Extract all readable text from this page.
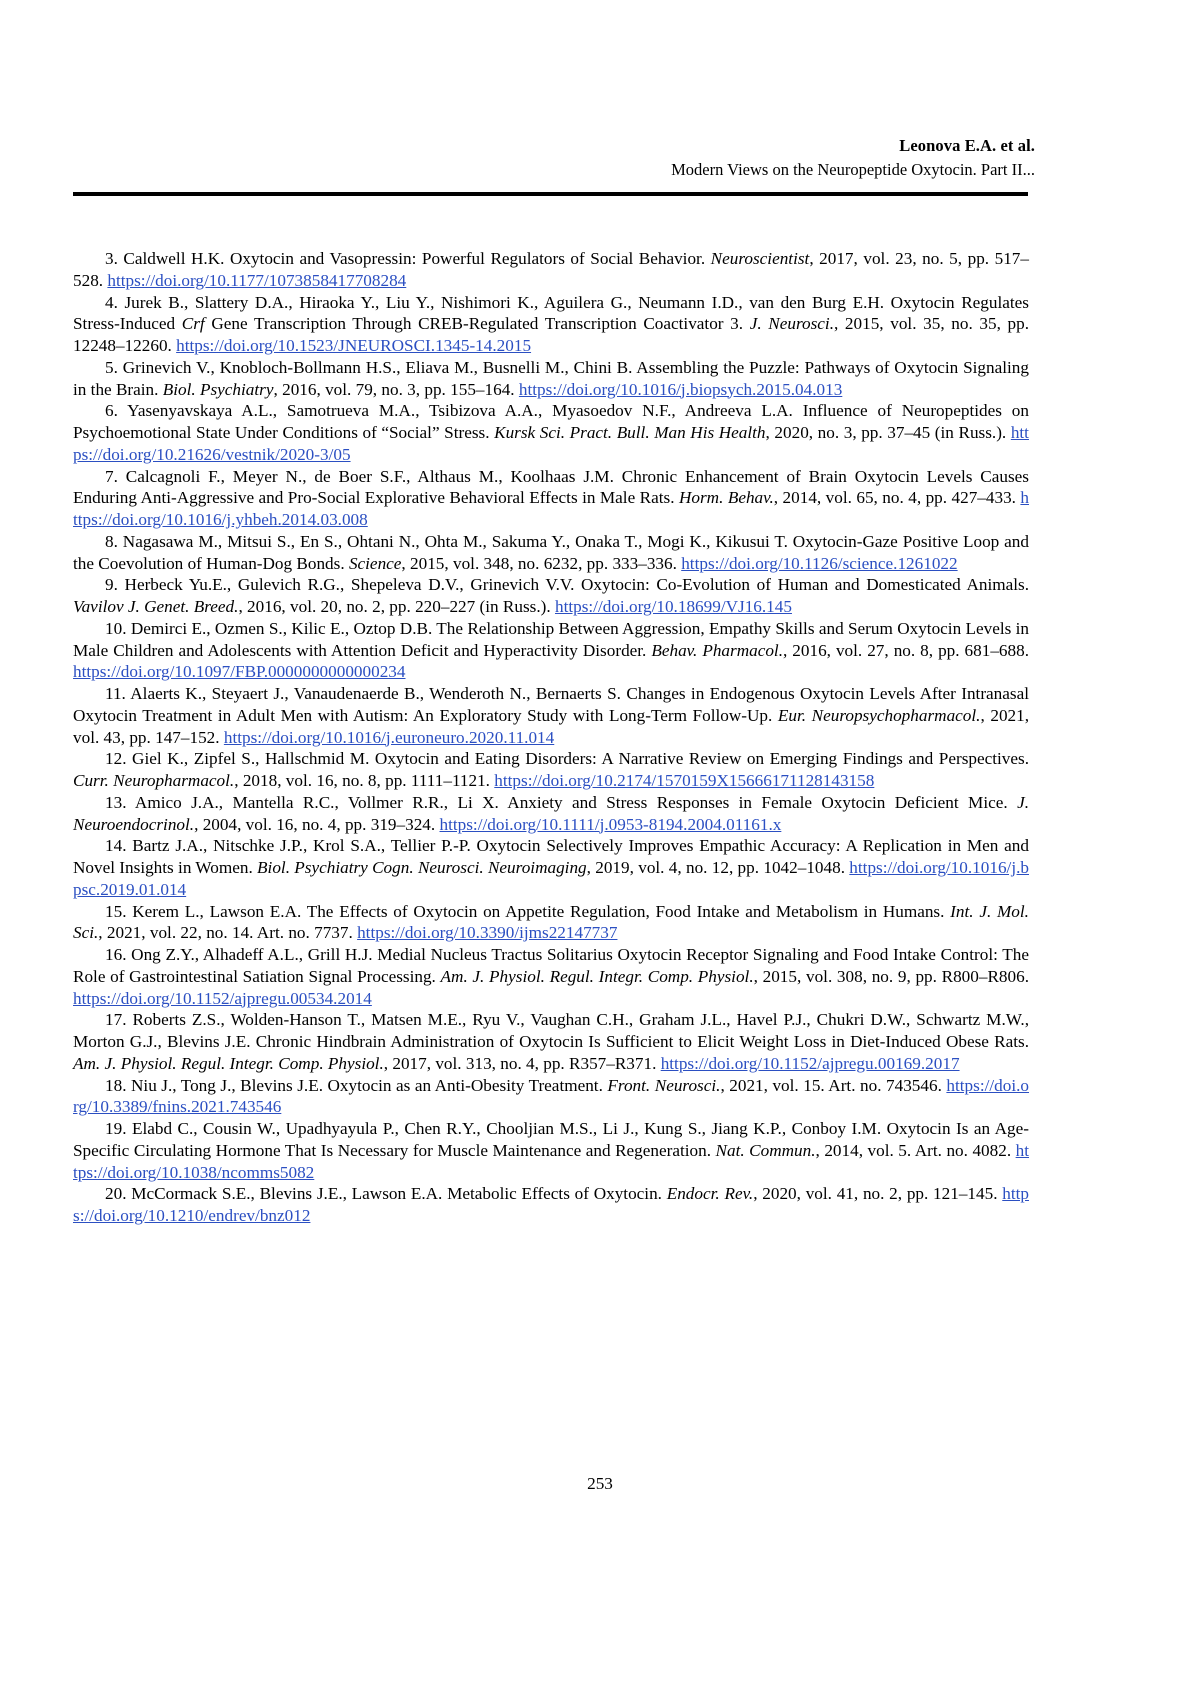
Leonova E.A. et al.
Modern Views on the Neuropeptide Oxytocin. Part II...

3. Caldwell H.K. Oxytocin and Vasopressin: Powerful Regulators of Social Behavior. Neuroscientist, 2017, vol. 23, no. 5, pp. 517–528. https://doi.org/10.1177/1073858417708284

4. Jurek B., Slattery D.A., Hiraoka Y., Liu Y., Nishimori K., Aguilera G., Neumann I.D., van den Burg E.H. Oxytocin Regulates Stress-Induced Crf Gene Transcription Through CREB-Regulated Transcription Coactivator 3. J. Neurosci., 2015, vol. 35, no. 35, pp. 12248–12260. https://doi.org/10.1523/JNEUROSCI.1345-14.2015

5. Grinevich V., Knobloch-Bollmann H.S., Eliava M., Busnelli M., Chini B. Assembling the Puzzle: Pathways of Oxytocin Signaling in the Brain. Biol. Psychiatry, 2016, vol. 79, no. 3, pp. 155–164. https://doi.org/10.1016/j.biopsych.2015.04.013

6. Yasenyavskaya A.L., Samotrueva M.A., Tsibizova A.A., Myasoedov N.F., Andreeva L.A. Influence of Neuropeptides on Psychoemotional State Under Conditions of “Social” Stress. Kursk Sci. Pract. Bull. Man His Health, 2020, no. 3, pp. 37–45 (in Russ.). https://doi.org/10.21626/vestnik/2020-3/05

7. Calcagnoli F., Meyer N., de Boer S.F., Althaus M., Koolhaas J.M. Chronic Enhancement of Brain Oxytocin Levels Causes Enduring Anti-Aggressive and Pro-Social Explorative Behavioral Effects in Male Rats. Horm. Behav., 2014, vol. 65, no. 4, pp. 427–433. https://doi.org/10.1016/j.yhbeh.2014.03.008

8. Nagasawa M., Mitsui S., En S., Ohtani N., Ohta M., Sakuma Y., Onaka T., Mogi K., Kikusui T. Oxytocin-Gaze Positive Loop and the Coevolution of Human-Dog Bonds. Science, 2015, vol. 348, no. 6232, pp. 333–336. https://doi.org/10.1126/science.1261022

9. Herbeck Yu.E., Gulevich R.G., Shepeleva D.V., Grinevich V.V. Oxytocin: Co-Evolution of Human and Domesticated Animals. Vavilov J. Genet. Breed., 2016, vol. 20, no. 2, pp. 220–227 (in Russ.). https://doi.org/10.18699/VJ16.145

10. Demirci E., Ozmen S., Kilic E., Oztop D.B. The Relationship Between Aggression, Empathy Skills and Serum Oxytocin Levels in Male Children and Adolescents with Attention Deficit and Hyperactivity Disorder. Behav. Pharmacol., 2016, vol. 27, no. 8, pp. 681–688. https://doi.org/10.1097/FBP.0000000000000234

11. Alaerts K., Steyaert J., Vanaudenaerde B., Wenderoth N., Bernaerts S. Changes in Endogenous Oxytocin Levels After Intranasal Oxytocin Treatment in Adult Men with Autism: An Exploratory Study with Long-Term Follow-Up. Eur. Neuropsychopharmacol., 2021, vol. 43, pp. 147–152. https://doi.org/10.1016/j.euroneuro.2020.11.014

12. Giel K., Zipfel S., Hallschmid M. Oxytocin and Eating Disorders: A Narrative Review on Emerging Findings and Perspectives. Curr. Neuropharmacol., 2018, vol. 16, no. 8, pp. 1111–1121. https://doi.org/10.2174/1570159X15666171128143158

13. Amico J.A., Mantella R.C., Vollmer R.R., Li X. Anxiety and Stress Responses in Female Oxytocin Deficient Mice. J. Neuroendocrinol., 2004, vol. 16, no. 4, pp. 319–324. https://doi.org/10.1111/j.0953-8194.2004.01161.x

14. Bartz J.A., Nitschke J.P., Krol S.A., Tellier P.-P. Oxytocin Selectively Improves Empathic Accuracy: A Replication in Men and Novel Insights in Women. Biol. Psychiatry Cogn. Neurosci. Neuroimaging, 2019, vol. 4, no. 12, pp. 1042–1048. https://doi.org/10.1016/j.bpsc.2019.01.014

15. Kerem L., Lawson E.A. The Effects of Oxytocin on Appetite Regulation, Food Intake and Metabolism in Humans. Int. J. Mol. Sci., 2021, vol. 22, no. 14. Art. no. 7737. https://doi.org/10.3390/ijms22147737

16. Ong Z.Y., Alhadeff A.L., Grill H.J. Medial Nucleus Tractus Solitarius Oxytocin Receptor Signaling and Food Intake Control: The Role of Gastrointestinal Satiation Signal Processing. Am. J. Physiol. Regul. Integr. Comp. Physiol., 2015, vol. 308, no. 9, pp. R800–R806. https://doi.org/10.1152/ajpregu.00534.2014

17. Roberts Z.S., Wolden-Hanson T., Matsen M.E., Ryu V., Vaughan C.H., Graham J.L., Havel P.J., Chukri D.W., Schwartz M.W., Morton G.J., Blevins J.E. Chronic Hindbrain Administration of Oxytocin Is Sufficient to Elicit Weight Loss in Diet-Induced Obese Rats. Am. J. Physiol. Regul. Integr. Comp. Physiol., 2017, vol. 313, no. 4, pp. R357–R371. https://doi.org/10.1152/ajpregu.00169.2017

18. Niu J., Tong J., Blevins J.E. Oxytocin as an Anti-Obesity Treatment. Front. Neurosci., 2021, vol. 15. Art. no. 743546. https://doi.org/10.3389/fnins.2021.743546

19. Elabd C., Cousin W., Upadhyayula P., Chen R.Y., Chooljian M.S., Li J., Kung S., Jiang K.P., Conboy I.M. Oxytocin Is an Age-Specific Circulating Hormone That Is Necessary for Muscle Maintenance and Regeneration. Nat. Commun., 2014, vol. 5. Art. no. 4082. https://doi.org/10.1038/ncomms5082

20. McCormack S.E., Blevins J.E., Lawson E.A. Metabolic Effects of Oxytocin. Endocr. Rev., 2020, vol. 41, no. 2, pp. 121–145. https://doi.org/10.1210/endrev/bnz012

253
